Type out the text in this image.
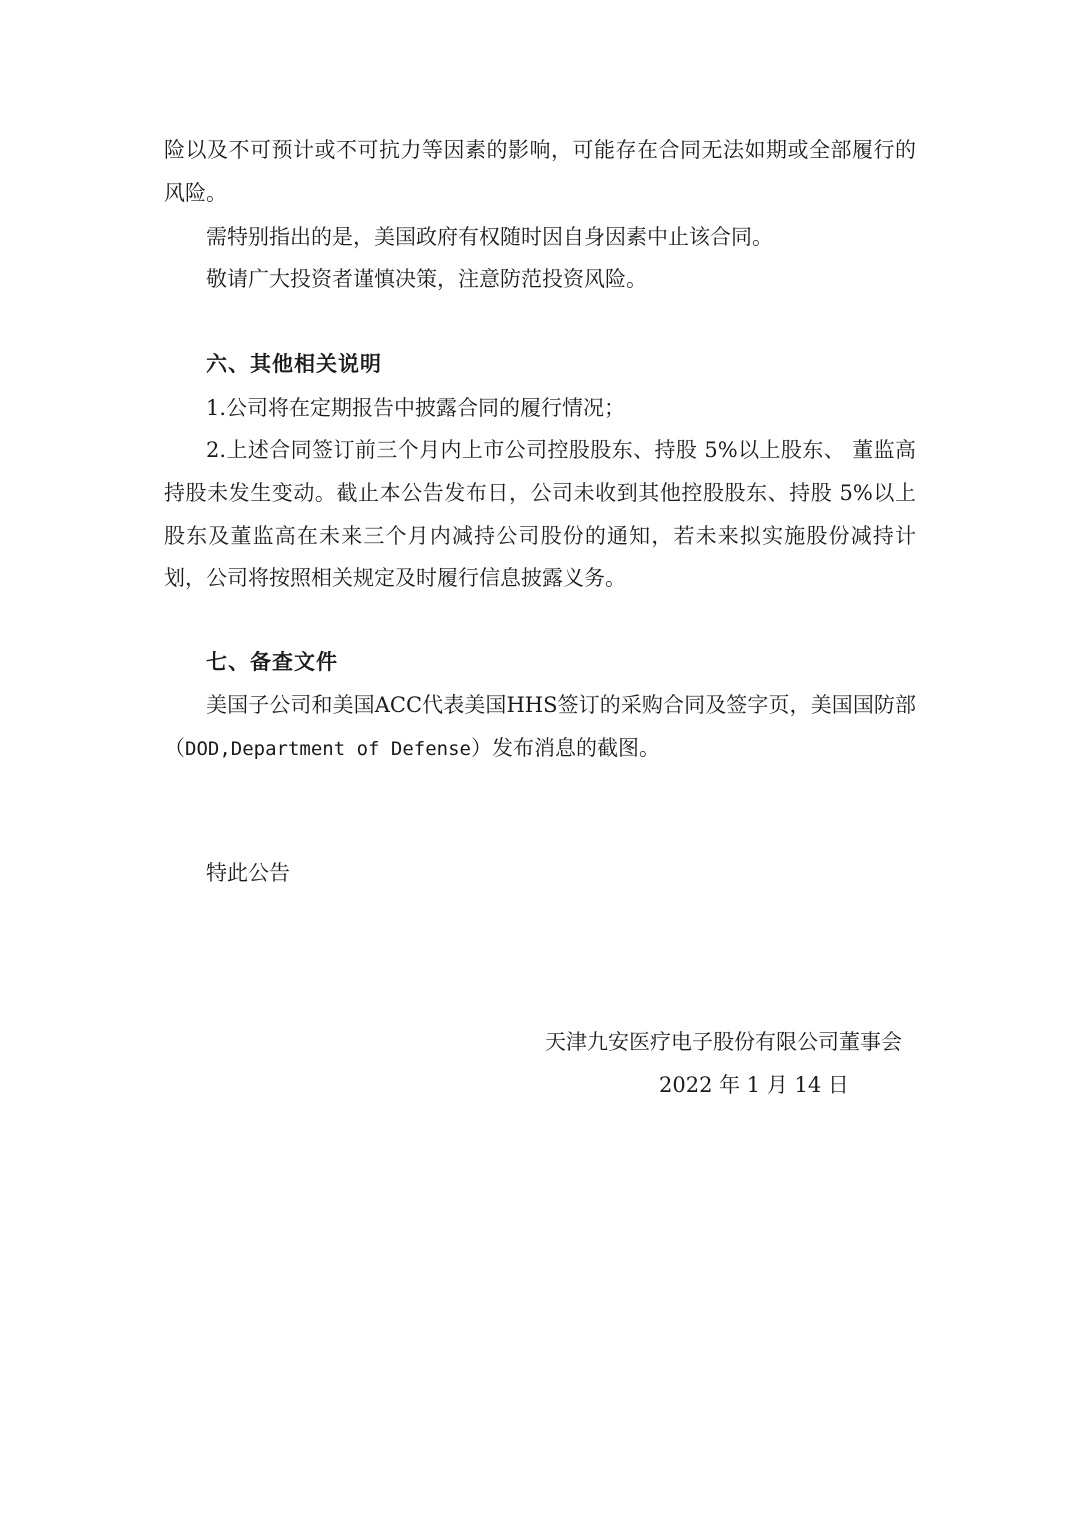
险以及不可预计或不可抗力等因素的影响，可能存在合同无法如期或全部履行的
风险。
需特别指出的是，美国政府有权随时因自身因素中止该合同。
敬请广大投资者谨慎决策，注意防范投资风险。
六、其他相关说明
1.公司将在定期报告中披露合同的履行情况；
2.上述合同签订前三个月内上市公司控股股东、持股 5%以上股东、 董监高
持股未发生变动。截止本公告发布日，公司未收到其他控股股东、持股 5%以上
股东及董监高在未来三个月内减持公司股份的通知，若未来拟实施股份减持计
划，公司将按照相关规定及时履行信息披露义务。
七、备查文件
美国子公司和美国ACC代表美国HHS签订的采购合同及签字页，美国国防部
（DOD,Department of Defense）发布消息的截图。
特此公告
天津九安医疗电子股份有限公司董事会
2022 年 1 月 14 日
